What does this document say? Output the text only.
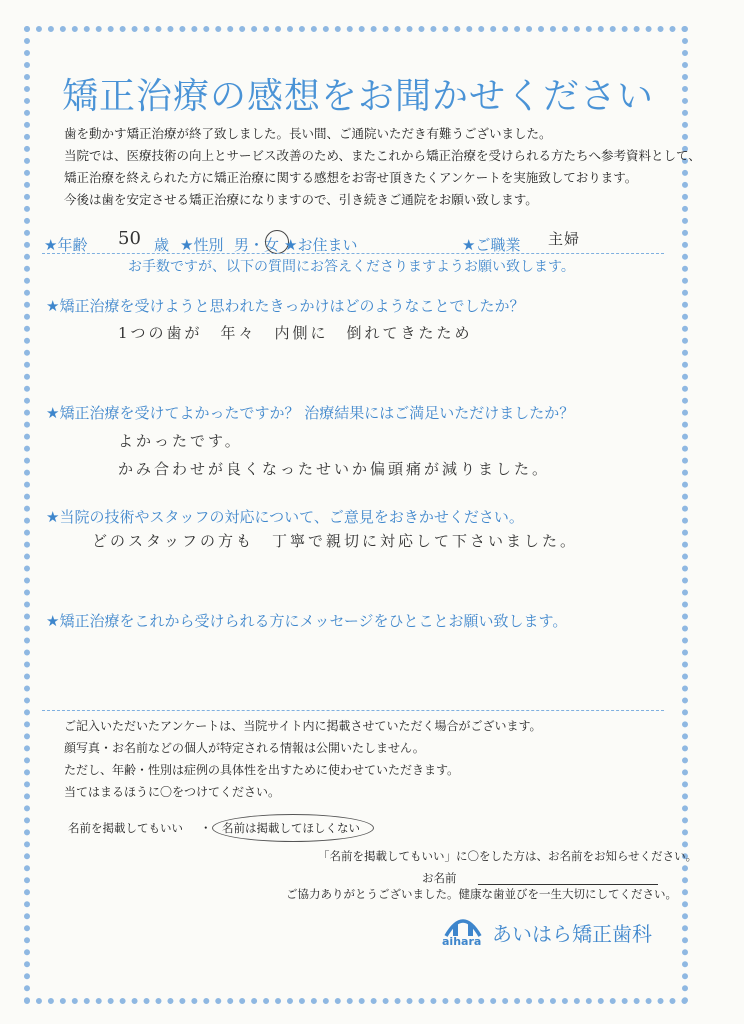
矯正治療の感想をお聞かせください
歯を動かす矯正治療が終了致しました。長い間、ご通院いただき有難うございました。
当院では、医療技術の向上とサービス改善のため、またこれから矯正治療を受けられる方たちへ参考資料として、
矯正治療を終えられた方に矯正治療に関する感想をお寄せ頂きたくアンケートを実施致しております。
今後は歯を安定させる矯正治療になりますので、引き続きご通院をお願い致します。
★年齢 50 歳 ★性別 男・女 ★お住まい	★ご職業 主婦
お手数ですが、以下の質問にお答えくださりますようお願い致します。
★矯正治療を受けようと思われたきっかけはどのようなことでしたか？
1つの歯が　年々　内側に　倒れてきたため
★矯正治療を受けてよかったですか？ 治療結果にはご満足いただけましたか？
よかったです。
かみ合わせが良くなったせいか偏頭痛が減りました。
★当院の技術やスタッフの対応について、ご意見をおきかせください。
どのスタッフの方も　丁寧で親切に対応して下さいました。
★矯正治療をこれから受けられる方にメッセージをひとことお願い致します。
ご記入いただいたアンケートは、当院サイト内に掲載させていただく場合がございます。
顔写真・お名前などの個人が特定される情報は公開いたしません。
ただし、年齢・性別は症例の具体性を出すために使わせていただきます。
当てはまるほうに〇をつけてください。
名前を掲載してもいい ・ 名前は掲載してほしくない
「名前を掲載してもいい」に〇をした方は、お名前をお知らせください。
お名前
ご協力ありがとうございました。健康な歯並びを一生大切にしてください。
aihara あいはら矯正歯科
